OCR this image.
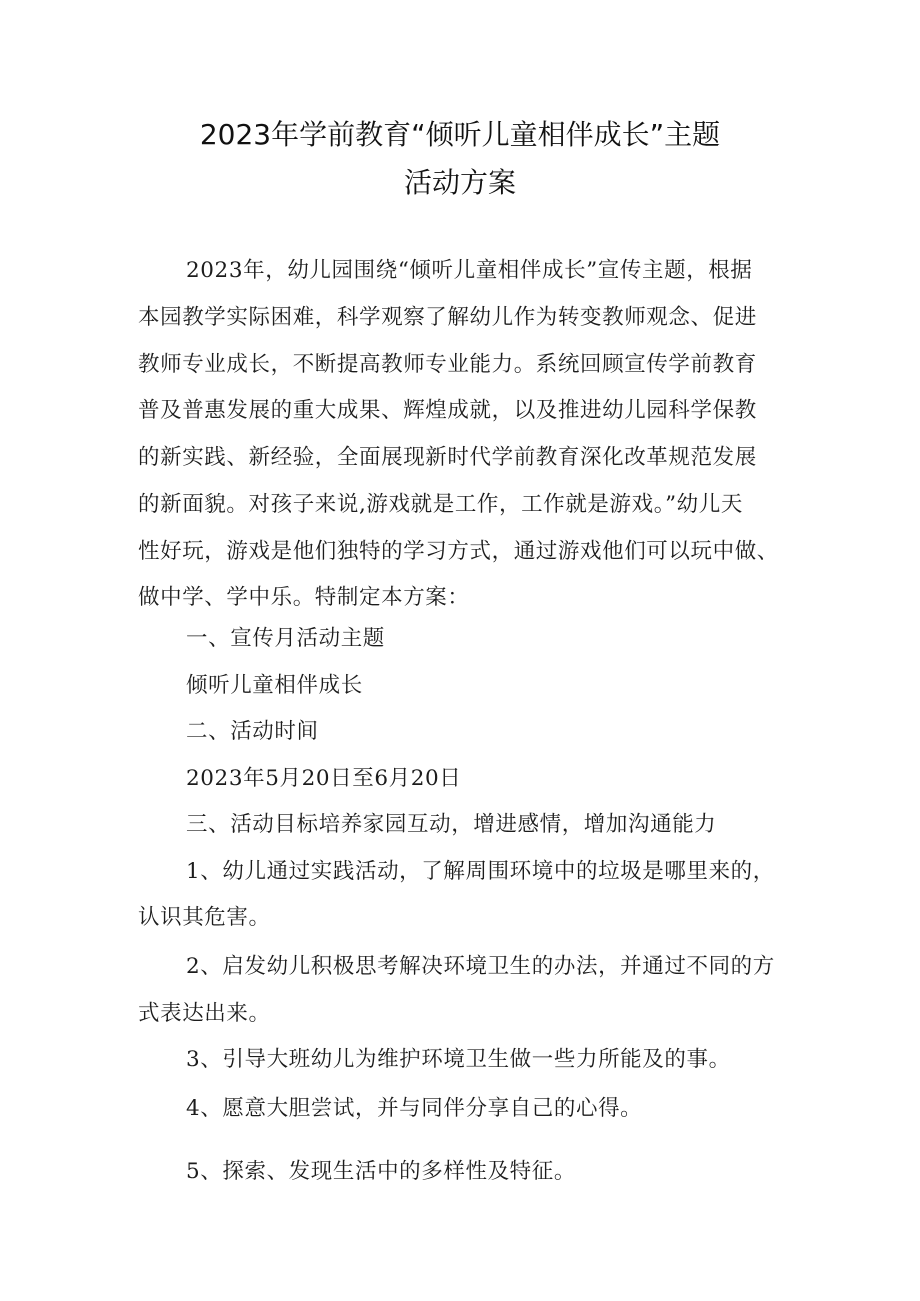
2023年学前教育“倾听儿童相伴成长”主题
活动方案
2023年，幼儿园围绕“倾听儿童相伴成长”宣传主题，根据
本园教学实际困难，科学观察了解幼儿作为转变教师观念、促进
教师专业成长，不断提高教师专业能力。系统回顾宣传学前教育
普及普惠发展的重大成果、辉煌成就，以及推进幼儿园科学保教
的新实践、新经验，全面展现新时代学前教育深化改革规范发展
的新面貌。对孩子来说,游戏就是工作，工作就是游戏。”幼儿天
性好玩，游戏是他们独特的学习方式，通过游戏他们可以玩中做、
做中学、学中乐。特制定本方案：
一、宣传月活动主题
倾听儿童相伴成长
二、活动时间
2023年5月20日至6月20日
三、活动目标培养家园互动，增进感情，增加沟通能力
1、幼儿通过实践活动，了解周围环境中的垃圾是哪里来的，
认识其危害。
2、启发幼儿积极思考解决环境卫生的办法，并通过不同的方
式表达出来。
3、引导大班幼儿为维护环境卫生做一些力所能及的事。
4、愿意大胆尝试，并与同伴分享自己的心得。
5、探索、发现生活中的多样性及特征。
